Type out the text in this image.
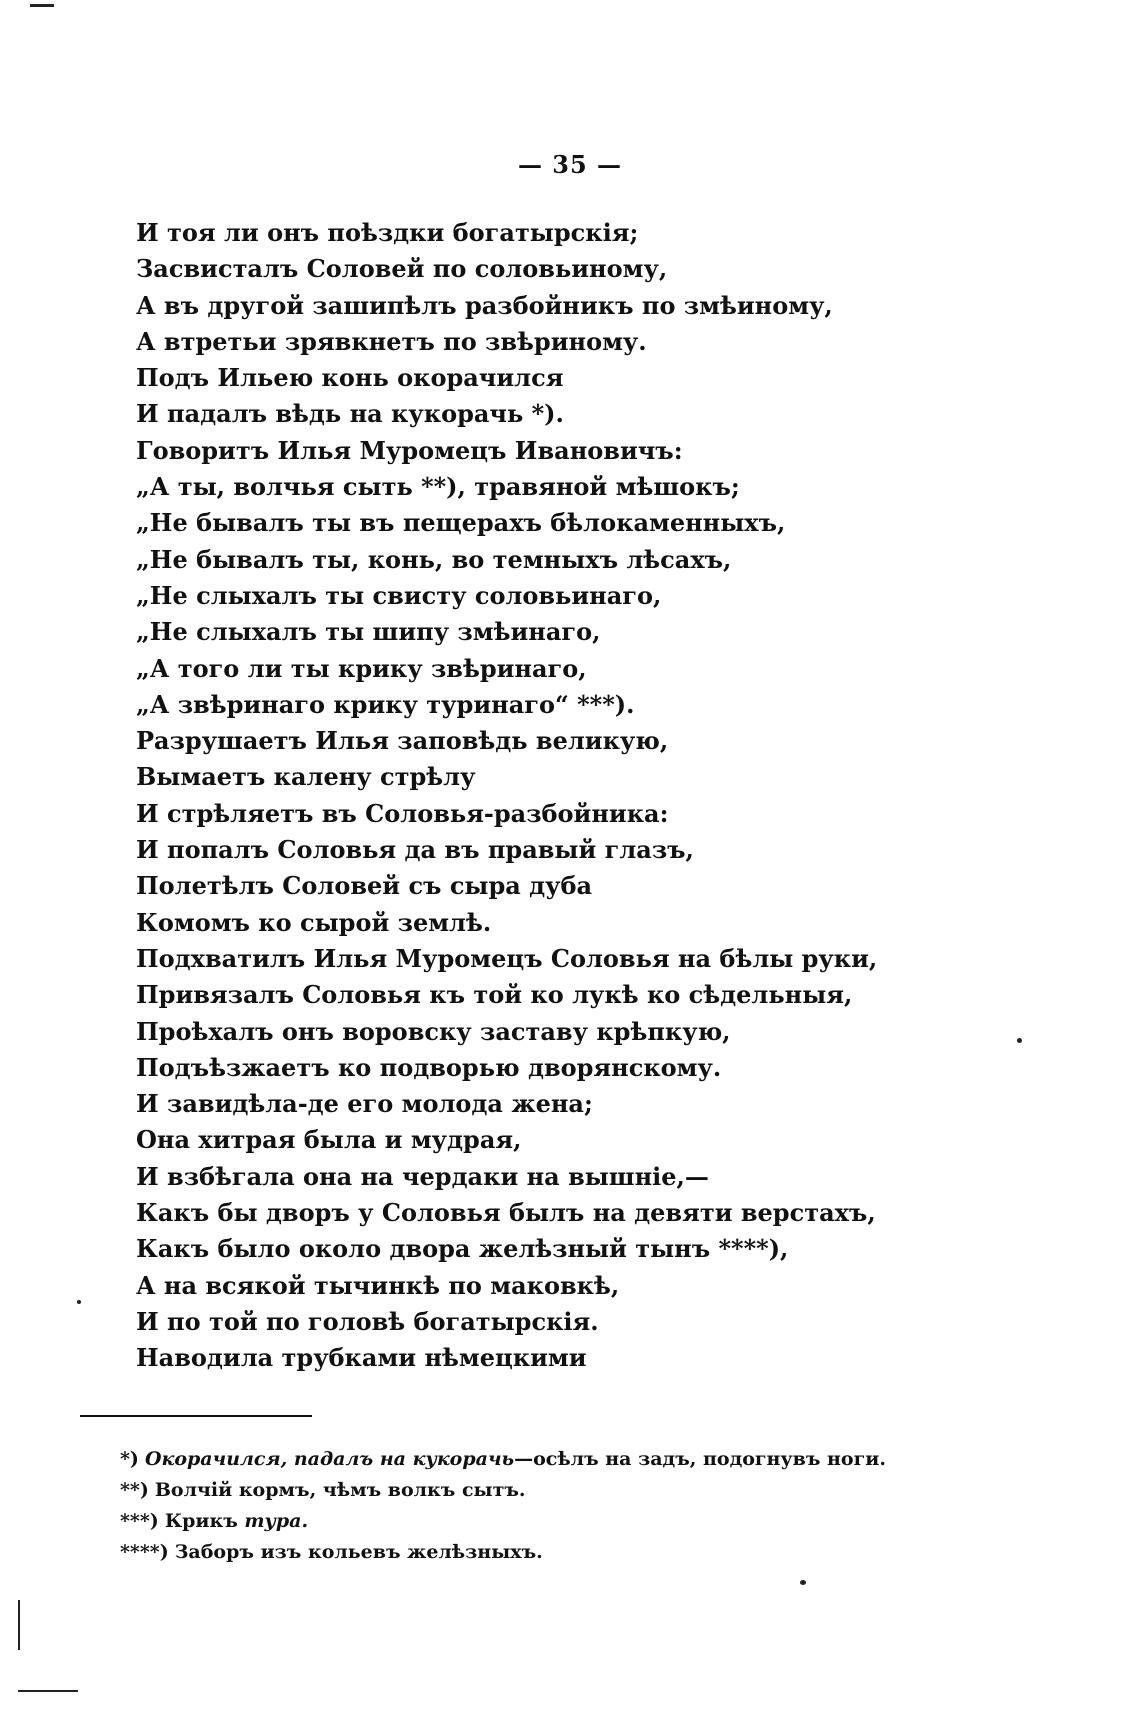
— 35 —
И тоя ли онъ поѣздки богатырскія;
Засвисталъ Соловей по соловьиному,
А въ другой зашипѣлъ разбойникъ по змѣиному,
А втретьи зрявкнетъ по звѣриному.
Подъ Ильею конь окорачился
И падалъ вѣдь на кукорачь *).
Говоритъ Илья Муромецъ Ивановичъ:
„А ты, волчья сыть **), травяной мѣшокъ;
„Не бывалъ ты въ пещерахъ бѣлокаменныхъ,
„Не бывалъ ты, конь, во темныхъ лѣсахъ,
„Не слыхалъ ты свисту соловьинаго,
„Не слыхалъ ты шипу змѣинаго,
„А того ли ты крику звѣринаго,
„А звѣринаго крику туринаго“ ***).
Разрушаетъ Илья заповѣдь великую,
Вымаетъ калену стрѣлу
И стрѣляетъ въ Соловья-разбойника:
И попалъ Соловья да въ правый глазъ,
Полетѣлъ Соловей съ сыра дуба
Комомъ ко сырой землѣ.
Подхватилъ Илья Муромецъ Соловья на бѣлы руки,
Привязалъ Соловья къ той ко лукѣ ко сѣдельныя,
Проѣхалъ онъ воровску заставу крѣпкую,
Подъѣзжаетъ ко подворью дворянскому.
И завидѣла-де его молода жена;
Она хитрая была и мудрая,
И взбѣгала она на чердаки на вышніе,—
Какъ бы дворъ у Соловья былъ на девяти верстахъ,
Какъ было около двора желѣзный тынъ ****),
А на всякой тычинкѣ по маковкѣ,
И по той по головѣ богатырскія.
Наводила трубками нѣмецкими
*) Окорачился, падалъ на кукорачь—осѣлъ на задъ, подогнувъ ноги.
**) Волчій кормъ, чѣмъ волкъ сытъ.
***) Крикъ тура.
****) Заборъ изъ кольевъ желѣзныхъ.
